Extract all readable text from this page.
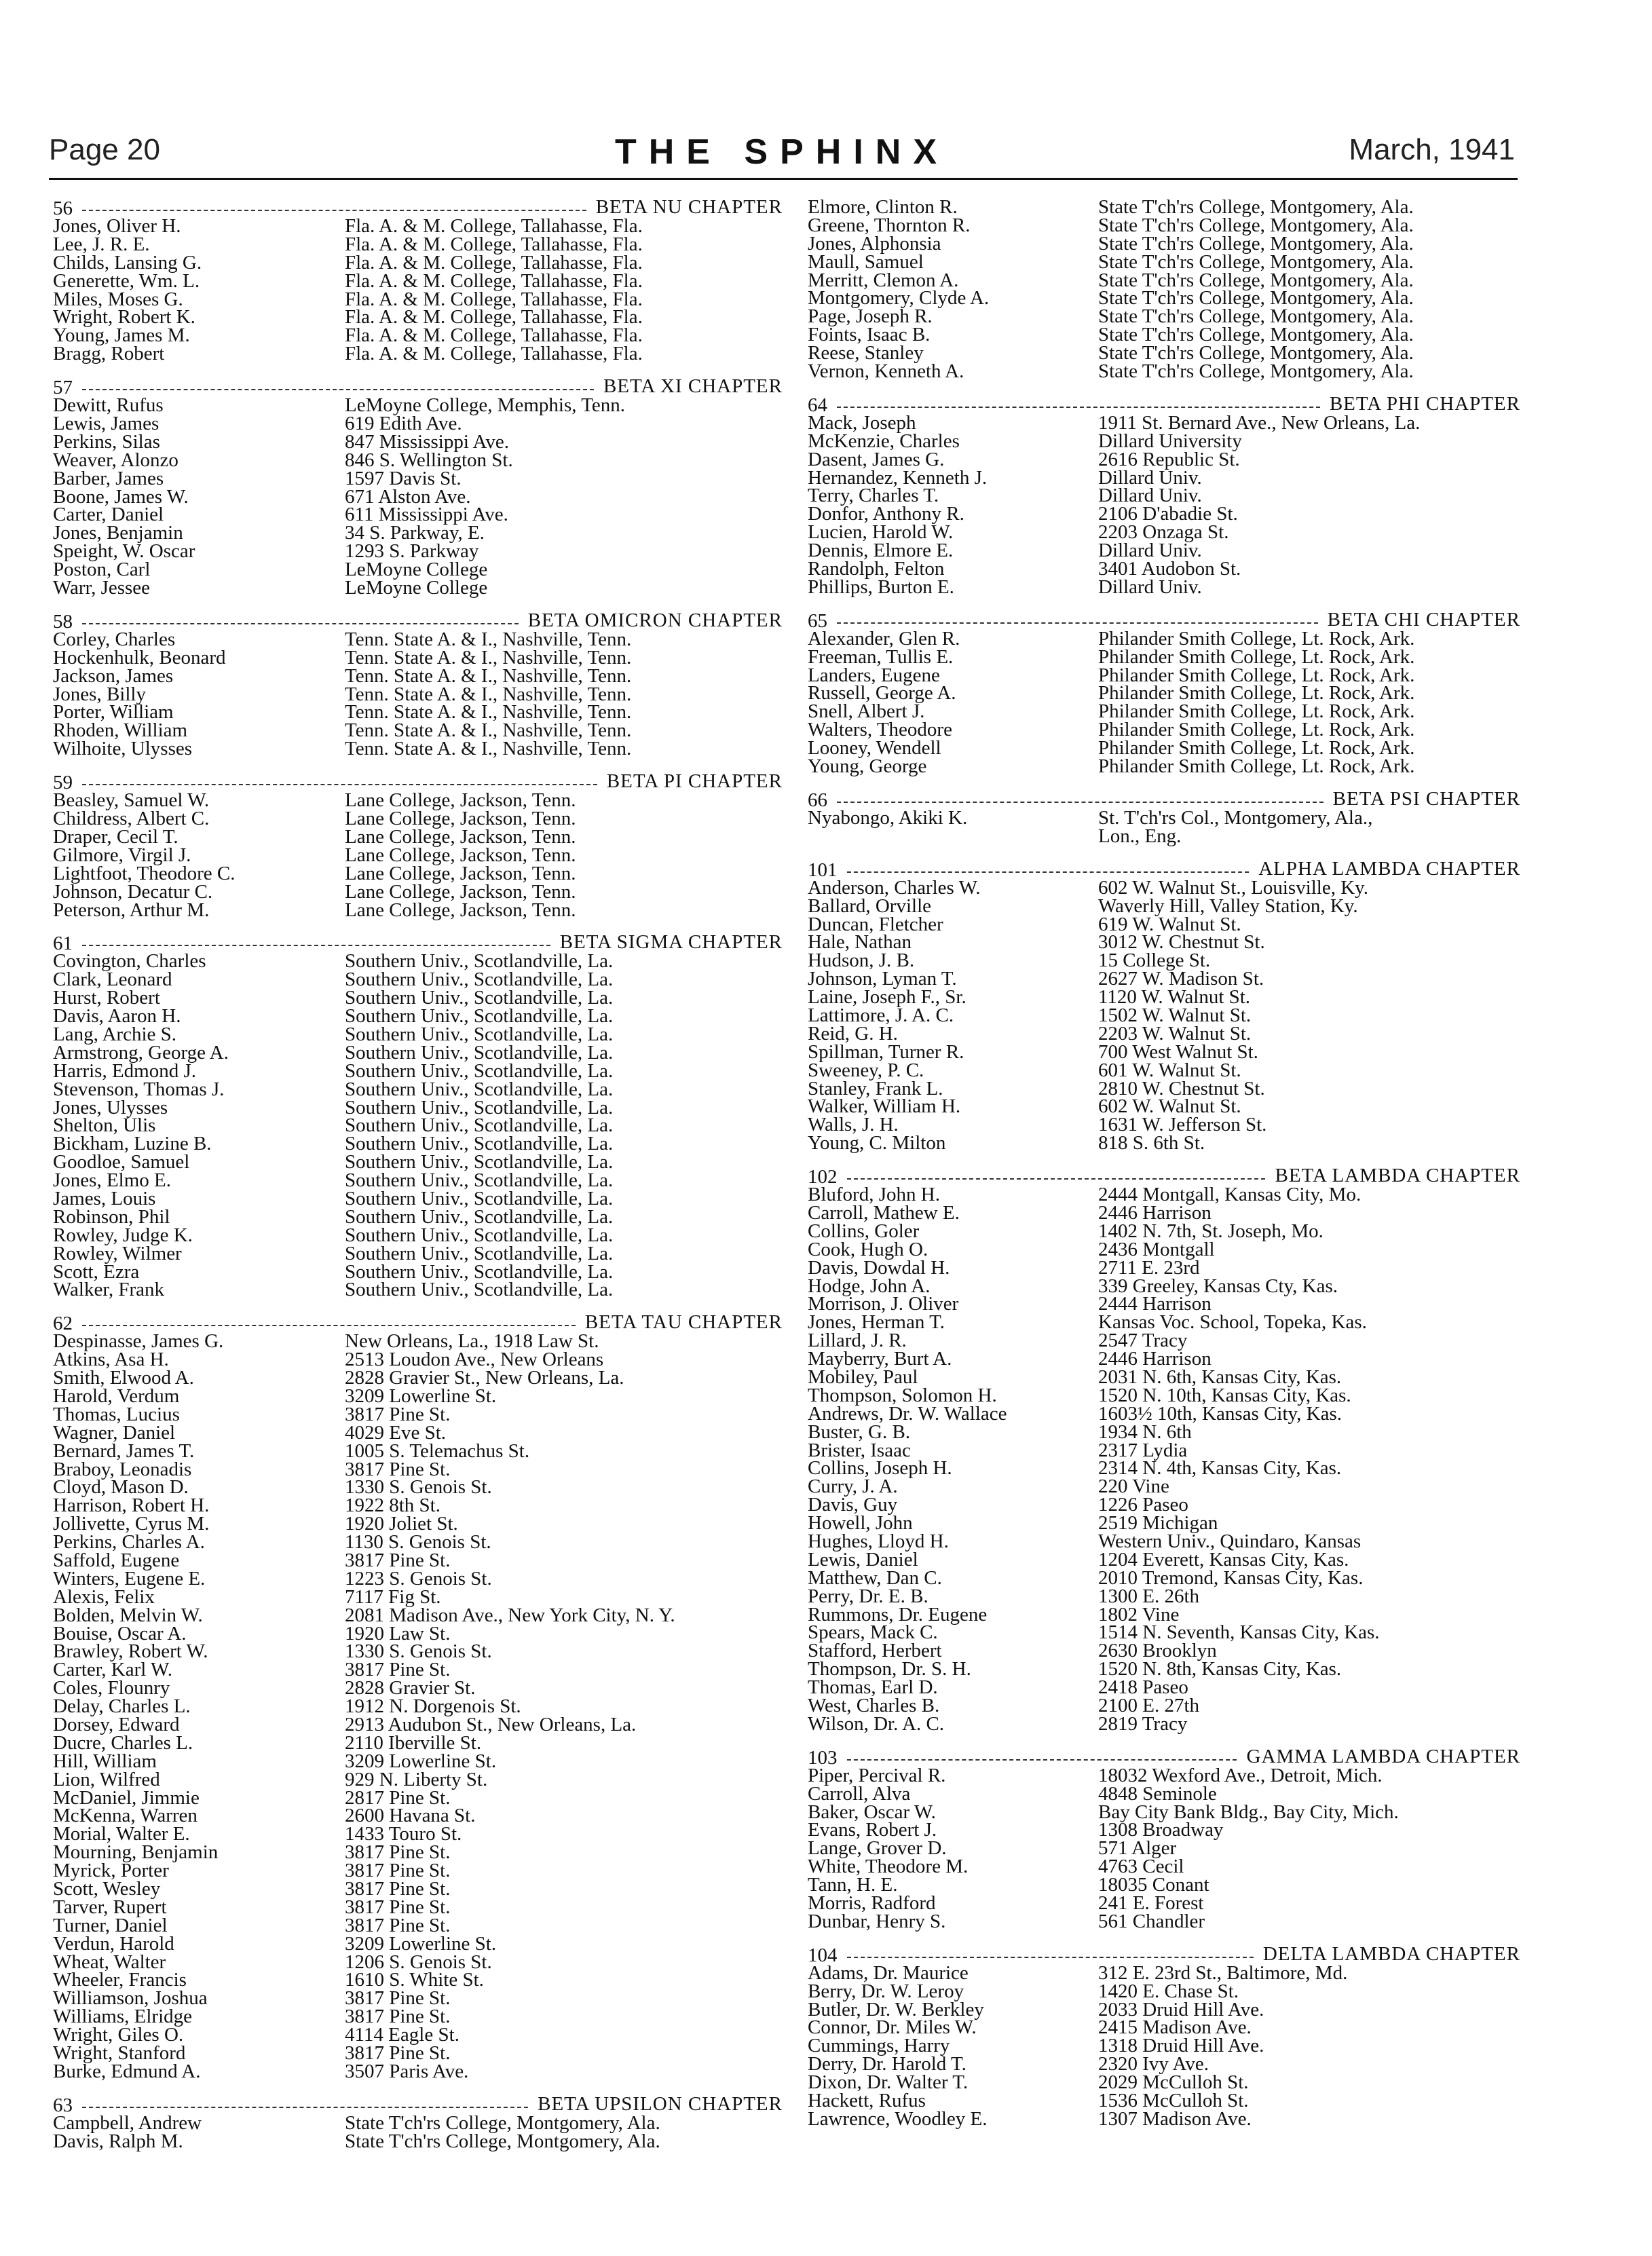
Page 20	THE SPHINX	March, 1941
56	BETA NU CHAPTER
Jones, Oliver H.	Fla. A. & M. College, Tallahasse, Fla.
Lee, J. R. E.	Fla. A. & M. College, Tallahasse, Fla.
Childs, Lansing G.	Fla. A. & M. College, Tallahasse, Fla.
Generette, Wm. L.	Fla. A. & M. College, Tallahasse, Fla.
Miles, Moses G.	Fla. A. & M. College, Tallahasse, Fla.
Wright, Robert K.	Fla. A. & M. College, Tallahasse, Fla.
Young, James M.	Fla. A. & M. College, Tallahasse, Fla.
Bragg, Robert	Fla. A. & M. College, Tallahasse, Fla.
57	BETA XI CHAPTER
Dewitt, Rufus	LeMoyne College, Memphis, Tenn.
Lewis, James	619 Edith Ave.
Perkins, Silas	847 Mississippi Ave.
Weaver, Alonzo	846 S. Wellington St.
Barber, James	1597 Davis St.
Boone, James W.	671 Alston Ave.
Carter, Daniel	611 Mississippi Ave.
Jones, Benjamin	34 S. Parkway, E.
Speight, W. Oscar	1293 S. Parkway
Poston, Carl	LeMoyne College
Warr, Jessee	LeMoyne College
58	BETA OMICRON CHAPTER
Corley, Charles	Tenn. State A. & I., Nashville, Tenn.
Hockenhulk, Beonard	Tenn. State A. & I., Nashville, Tenn.
Jackson, James	Tenn. State A. & I., Nashville, Tenn.
Jones, Billy	Tenn. State A. & I., Nashville, Tenn.
Porter, William	Tenn. State A. & I., Nashville, Tenn.
Rhoden, William	Tenn. State A. & I., Nashville, Tenn.
Wilhoite, Ulysses	Tenn. State A. & I., Nashville, Tenn.
59	BETA PI CHAPTER
Beasley, Samuel W.	Lane College, Jackson, Tenn.
Childress, Albert C.	Lane College, Jackson, Tenn.
Draper, Cecil T.	Lane College, Jackson, Tenn.
Gilmore, Virgil J.	Lane College, Jackson, Tenn.
Lightfoot, Theodore C.	Lane College, Jackson, Tenn.
Johnson, Decatur C.	Lane College, Jackson, Tenn.
Peterson, Arthur M.	Lane College, Jackson, Tenn.
61	BETA SIGMA CHAPTER
Covington, Charles	Southern Univ., Scotlandville, La.
Clark, Leonard	Southern Univ., Scotlandville, La.
Hurst, Robert	Southern Univ., Scotlandville, La.
Davis, Aaron H.	Southern Univ., Scotlandville, La.
Lang, Archie S.	Southern Univ., Scotlandville, La.
Armstrong, George A.	Southern Univ., Scotlandville, La.
Harris, Edmond J.	Southern Univ., Scotlandville, La.
Stevenson, Thomas J.	Southern Univ., Scotlandville, La.
Jones, Ulysses	Southern Univ., Scotlandville, La.
Shelton, Ulis	Southern Univ., Scotlandville, La.
Bickham, Luzine B.	Southern Univ., Scotlandville, La.
Goodloe, Samuel	Southern Univ., Scotlandville, La.
Jones, Elmo E.	Southern Univ., Scotlandville, La.
James, Louis	Southern Univ., Scotlandville, La.
Robinson, Phil	Southern Univ., Scotlandville, La.
Rowley, Judge K.	Southern Univ., Scotlandville, La.
Rowley, Wilmer	Southern Univ., Scotlandville, La.
Scott, Ezra	Southern Univ., Scotlandville, La.
Walker, Frank	Southern Univ., Scotlandville, La.
62	BETA TAU CHAPTER
Despinasse, James G.	New Orleans, La., 1918 Law St.
Atkins, Asa H.	2513 Loudon Ave., New Orleans
Smith, Elwood A.	2828 Gravier St., New Orleans, La.
Harold, Verdum	3209 Lowerline St.
Thomas, Lucius	3817 Pine St.
Wagner, Daniel	4029 Eve St.
Bernard, James T.	1005 S. Telemachus St.
Braboy, Leonadis	3817 Pine St.
Cloyd, Mason D.	1330 S. Genois St.
Harrison, Robert H.	1922 8th St.
Jollivette, Cyrus M.	1920 Joliet St.
Perkins, Charles A.	1130 S. Genois St.
Saffold, Eugene	3817 Pine St.
Winters, Eugene E.	1223 S. Genois St.
Alexis, Felix	7117 Fig St.
Bolden, Melvin W.	2081 Madison Ave., New York City, N. Y.
Bouise, Oscar A.	1920 Law St.
Brawley, Robert W.	1330 S. Genois St.
Carter, Karl W.	3817 Pine St.
Coles, Flounry	2828 Gravier St.
Delay, Charles L.	1912 N. Dorgenois St.
Dorsey, Edward	2913 Audubon St., New Orleans, La.
Ducre, Charles L.	2110 Iberville St.
Hill, William	3209 Lowerline St.
Lion, Wilfred	929 N. Liberty St.
McDaniel, Jimmie	2817 Pine St.
McKenna, Warren	2600 Havana St.
Morial, Walter E.	1433 Touro St.
Mourning, Benjamin	3817 Pine St.
Myrick, Porter	3817 Pine St.
Scott, Wesley	3817 Pine St.
Tarver, Rupert	3817 Pine St.
Turner, Daniel	3817 Pine St.
Verdun, Harold	3209 Lowerline St.
Wheat, Walter	1206 S. Genois St.
Wheeler, Francis	1610 S. White St.
Williamson, Joshua	3817 Pine St.
Williams, Elridge	3817 Pine St.
Wright, Giles O.	4114 Eagle St.
Wright, Stanford	3817 Pine St.
Burke, Edmund A.	3507 Paris Ave.
63	BETA UPSILON CHAPTER
Campbell, Andrew	State T'ch'rs College, Montgomery, Ala.
Davis, Ralph M.	State T'ch'rs College, Montgomery, Ala.
Elmore, Clinton R.	State T'ch'rs College, Montgomery, Ala.
Greene, Thornton R.	State T'ch'rs College, Montgomery, Ala.
Jones, Alphonsia	State T'ch'rs College, Montgomery, Ala.
Maull, Samuel	State T'ch'rs College, Montgomery, Ala.
Merritt, Clemon A.	State T'ch'rs College, Montgomery, Ala.
Montgomery, Clyde A.	State T'ch'rs College, Montgomery, Ala.
Page, Joseph R.	State T'ch'rs College, Montgomery, Ala.
Foints, Isaac B.	State T'ch'rs College, Montgomery, Ala.
Reese, Stanley	State T'ch'rs College, Montgomery, Ala.
Vernon, Kenneth A.	State T'ch'rs College, Montgomery, Ala.
64	BETA PHI CHAPTER
Mack, Joseph	1911 St. Bernard Ave., New Orleans, La.
McKenzie, Charles	Dillard University
Dasent, James G.	2616 Republic St.
Hernandez, Kenneth J.	Dillard Univ.
Terry, Charles T.	Dillard Univ.
Donfor, Anthony R.	2106 D'abadie St.
Lucien, Harold W.	2203 Onzaga St.
Dennis, Elmore E.	Dillard Univ.
Randolph, Felton	3401 Audobon St.
Phillips, Burton E.	Dillard Univ.
65	BETA CHI CHAPTER
Alexander, Glen R.	Philander Smith College, Lt. Rock, Ark.
Freeman, Tullis E.	Philander Smith College, Lt. Rock, Ark.
Landers, Eugene	Philander Smith College, Lt. Rock, Ark.
Russell, George A.	Philander Smith College, Lt. Rock, Ark.
Snell, Albert J.	Philander Smith College, Lt. Rock, Ark.
Walters, Theodore	Philander Smith College, Lt. Rock, Ark.
Looney, Wendell	Philander Smith College, Lt. Rock, Ark.
Young, George	Philander Smith College, Lt. Rock, Ark.
66	BETA PSI CHAPTER
Nyabongo, Akiki K.	St. T'ch'rs Col., Montgomery, Ala.,
Lon., Eng.
101	ALPHA LAMBDA CHAPTER
Anderson, Charles W.	602 W. Walnut St., Louisville, Ky.
Ballard, Orville	Waverly Hill, Valley Station, Ky.
Duncan, Fletcher	619 W. Walnut St.
Hale, Nathan	3012 W. Chestnut St.
Hudson, J. B.	15 College St.
Johnson, Lyman T.	2627 W. Madison St.
Laine, Joseph F., Sr.	1120 W. Walnut St.
Lattimore, J. A. C.	1502 W. Walnut St.
Reid, G. H.	2203 W. Walnut St.
Spillman, Turner R.	700 West Walnut St.
Sweeney, P. C.	601 W. Walnut St.
Stanley, Frank L.	2810 W. Chestnut St.
Walker, William H.	602 W. Walnut St.
Walls, J. H.	1631 W. Jefferson St.
Young, C. Milton	818 S. 6th St.
102	BETA LAMBDA CHAPTER
Bluford, John H.	2444 Montgall, Kansas City, Mo.
Carroll, Mathew E.	2446 Harrison
Collins, Goler	1402 N. 7th, St. Joseph, Mo.
Cook, Hugh O.	2436 Montgall
Davis, Dowdal H.	2711 E. 23rd
Hodge, John A.	339 Greeley, Kansas Cty, Kas.
Morrison, J. Oliver	2444 Harrison
Jones, Herman T.	Kansas Voc. School, Topeka, Kas.
Lillard, J. R.	2547 Tracy
Mayberry, Burt A.	2446 Harrison
Mobiley, Paul	2031 N. 6th, Kansas City, Kas.
Thompson, Solomon H.	1520 N. 10th, Kansas City, Kas.
Andrews, Dr. W. Wallace	1603½ 10th, Kansas City, Kas.
Buster, G. B.	1934 N. 6th
Brister, Isaac	2317 Lydia
Collins, Joseph H.	2314 N. 4th, Kansas City, Kas.
Curry, J. A.	220 Vine
Davis, Guy	1226 Paseo
Howell, John	2519 Michigan
Hughes, Lloyd H.	Western Univ., Quindaro, Kansas
Lewis, Daniel	1204 Everett, Kansas City, Kas.
Matthew, Dan C.	2010 Tremond, Kansas City, Kas.
Perry, Dr. E. B.	1300 E. 26th
Rummons, Dr. Eugene	1802 Vine
Spears, Mack C.	1514 N. Seventh, Kansas City, Kas.
Stafford, Herbert	2630 Brooklyn
Thompson, Dr. S. H.	1520 N. 8th, Kansas City, Kas.
Thomas, Earl D.	2418 Paseo
West, Charles B.	2100 E. 27th
Wilson, Dr. A. C.	2819 Tracy
103	GAMMA LAMBDA CHAPTER
Piper, Percival R.	18032 Wexford Ave., Detroit, Mich.
Carroll, Alva	4848 Seminole
Baker, Oscar W.	Bay City Bank Bldg., Bay City, Mich.
Evans, Robert J.	1308 Broadway
Lange, Grover D.	571 Alger
White, Theodore M.	4763 Cecil
Tann, H. E.	18035 Conant
Morris, Radford	241 E. Forest
Dunbar, Henry S.	561 Chandler
104	DELTA LAMBDA CHAPTER
Adams, Dr. Maurice	312 E. 23rd St., Baltimore, Md.
Berry, Dr. W. Leroy	1420 E. Chase St.
Butler, Dr. W. Berkley	2033 Druid Hill Ave.
Connor, Dr. Miles W.	2415 Madison Ave.
Cummings, Harry	1318 Druid Hill Ave.
Derry, Dr. Harold T.	2320 Ivy Ave.
Dixon, Dr. Walter T.	2029 McCulloh St.
Hackett, Rufus	1536 McCulloh St.
Lawrence, Woodley E.	1307 Madison Ave.
